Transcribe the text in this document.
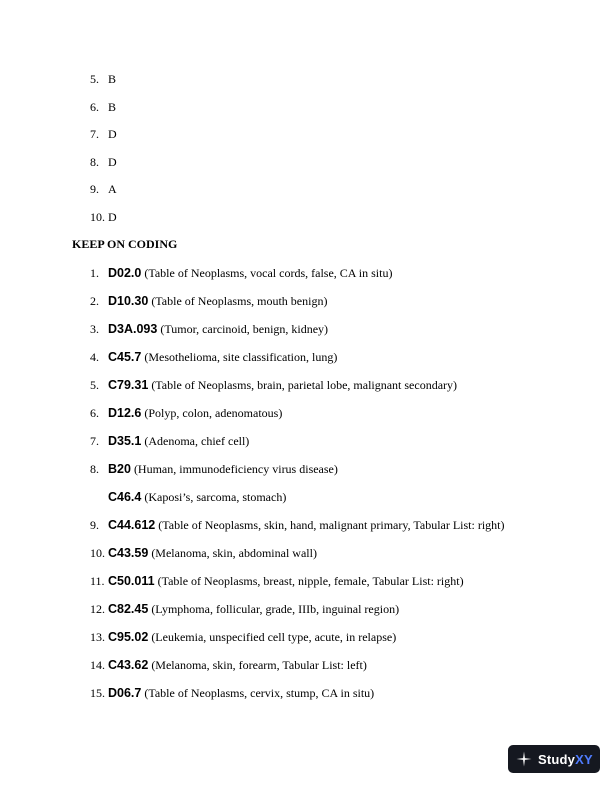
5. B
6. B
7. D
8. D
9. A
10. D
KEEP ON CODING
1. D02.0 (Table of Neoplasms, vocal cords, false, CA in situ)
2. D10.30 (Table of Neoplasms, mouth benign)
3. D3A.093 (Tumor, carcinoid, benign, kidney)
4. C45.7 (Mesothelioma, site classification, lung)
5. C79.31 (Table of Neoplasms, brain, parietal lobe, malignant secondary)
6. D12.6 (Polyp, colon, adenomatous)
7. D35.1 (Adenoma, chief cell)
8. B20 (Human, immunodeficiency virus disease)
C46.4 (Kaposi’s, sarcoma, stomach)
9. C44.612 (Table of Neoplasms, skin, hand, malignant primary, Tabular List: right)
10. C43.59 (Melanoma, skin, abdominal wall)
11. C50.011 (Table of Neoplasms, breast, nipple, female, Tabular List: right)
12. C82.45 (Lymphoma, follicular, grade, IIIb, inguinal region)
13. C95.02 (Leukemia, unspecified cell type, acute, in relapse)
14. C43.62 (Melanoma, skin, forearm, Tabular List: left)
15. D06.7 (Table of Neoplasms, cervix, stump, CA in situ)
StudyXY
